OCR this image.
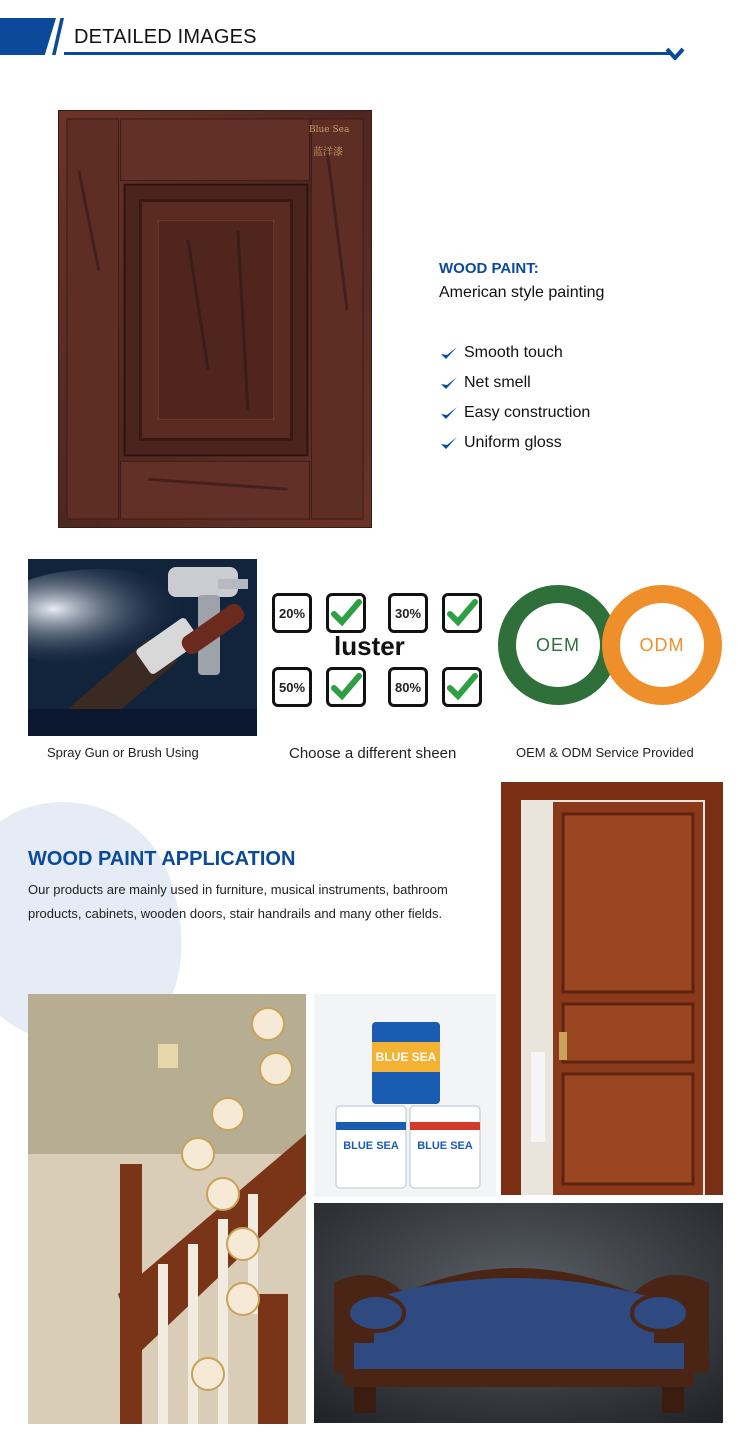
DETAILED IMAGES
Blue Sea
蓝洋漆
WOOD PAINT:
American style painting
Smooth touch
Net smell
Easy construction
Uniform gloss
Spray Gun or Brush Using
20%	30%
luster
50%	80%
Choose a different sheen
OEM	ODM
OEM & ODM Service Provided
WOOD PAINT APPLICATION
Our products are mainly used in furniture, musical instruments, bathroom products, cabinets, wooden doors, stair handrails and many other fields.
BLUE SEA
BLUE SEA	BLUE SEA
